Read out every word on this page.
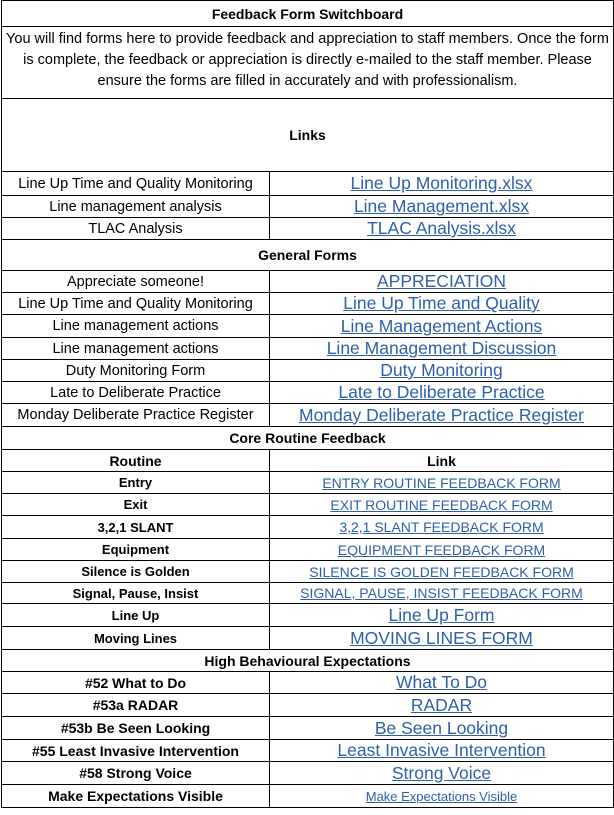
Feedback Form Switchboard	
You will find forms here to provide feedback and appreciation to staff members. Once the form is complete, the feedback or appreciation is directly e-mailed to the staff member. Please ensure the forms are filled in accurately and with professionalism.	
Links	
Line Up Time and Quality Monitoring	Line Up Monitoring.xlsx
Line management analysis	Line Management.xlsx
TLAC Analysis	TLAC Analysis.xlsx
General Forms	
Appreciate someone!	APPRECIATION
Line Up Time and Quality Monitoring	Line Up Time and Quality
Line management actions	Line Management Actions
Line management actions	Line Management Discussion
Duty Monitoring Form	Duty Monitoring
Late to Deliberate Practice	Late to Deliberate Practice
Monday Deliberate Practice Register	Monday Deliberate Practice Register
Core Routine Feedback	
Routine	Link
Entry	ENTRY ROUTINE FEEDBACK FORM
Exit	EXIT ROUTINE FEEDBACK FORM
3,2,1 SLANT	3,2,1 SLANT FEEDBACK FORM
Equipment	EQUIPMENT FEEDBACK FORM
Silence is Golden	SILENCE IS GOLDEN FEEDBACK FORM
Signal, Pause, Insist	SIGNAL, PAUSE, INSIST FEEDBACK FORM
Line Up	Line Up Form
Moving Lines	MOVING LINES FORM
High Behavioural Expectations	
#52 What to Do	What To Do
#53a RADAR	RADAR
#53b Be Seen Looking	Be Seen Looking
#55 Least Invasive Intervention	Least Invasive Intervention
#58 Strong Voice	Strong Voice
Make Expectations Visible	Make Expectations Visible
